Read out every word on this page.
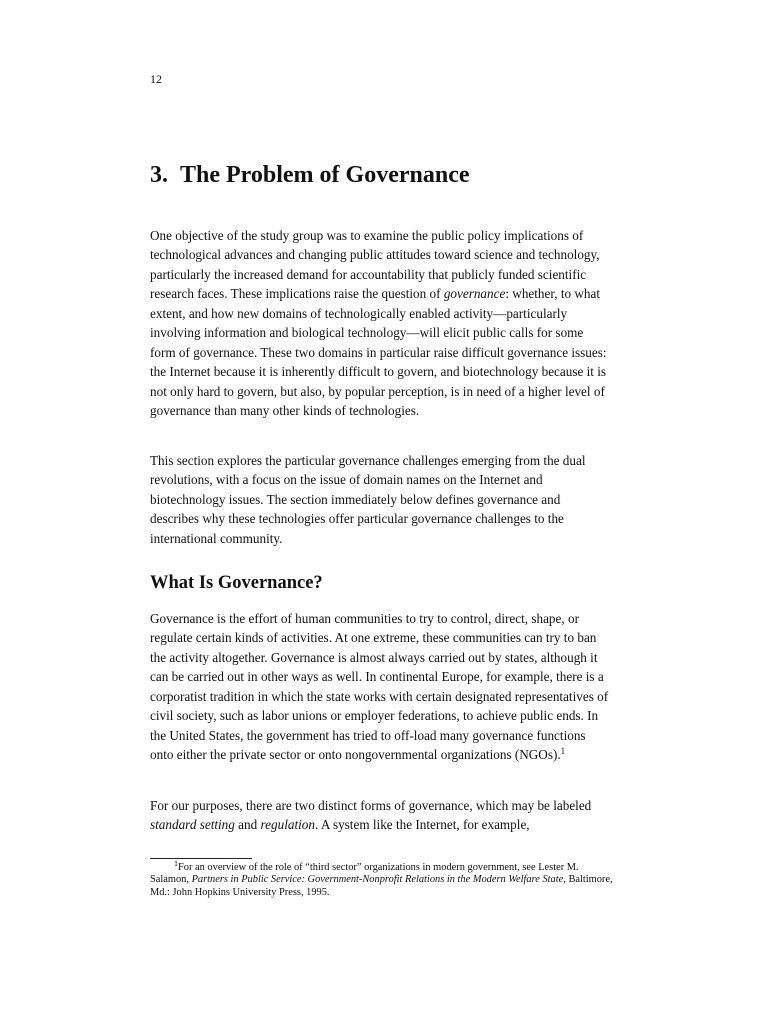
12
3. The Problem of Governance

One objective of the study group was to examine the public policy implications of technological advances and changing public attitudes toward science and technology, particularly the increased demand for accountability that publicly funded scientific research faces. These implications raise the question of governance: whether, to what extent, and how new domains of technologically enabled activity—particularly involving information and biological technology—will elicit public calls for some form of governance. These two domains in particular raise difficult governance issues: the Internet because it is inherently difficult to govern, and biotechnology because it is not only hard to govern, but also, by popular perception, is in need of a higher level of governance than many other kinds of technologies.

This section explores the particular governance challenges emerging from the dual revolutions, with a focus on the issue of domain names on the Internet and biotechnology issues. The section immediately below defines governance and describes why these technologies offer particular governance challenges to the international community.

What Is Governance?

Governance is the effort of human communities to try to control, direct, shape, or regulate certain kinds of activities. At one extreme, these communities can try to ban the activity altogether. Governance is almost always carried out by states, although it can be carried out in other ways as well. In continental Europe, for example, there is a corporatist tradition in which the state works with certain designated representatives of civil society, such as labor unions or employer federations, to achieve public ends. In the United States, the government has tried to off-load many governance functions onto either the private sector or onto nongovernmental organizations (NGOs).$^1$

For our purposes, there are two distinct forms of governance, which may be labeled standard setting and regulation. A system like the Internet, for example,

$^1$For an overview of the role of “third sector” organizations in modern government, see Lester M. Salamon, Partners in Public Service: Government-Nonprofit Relations in the Modern Welfare State, Baltimore, Md.: John Hopkins University Press, 1995.
